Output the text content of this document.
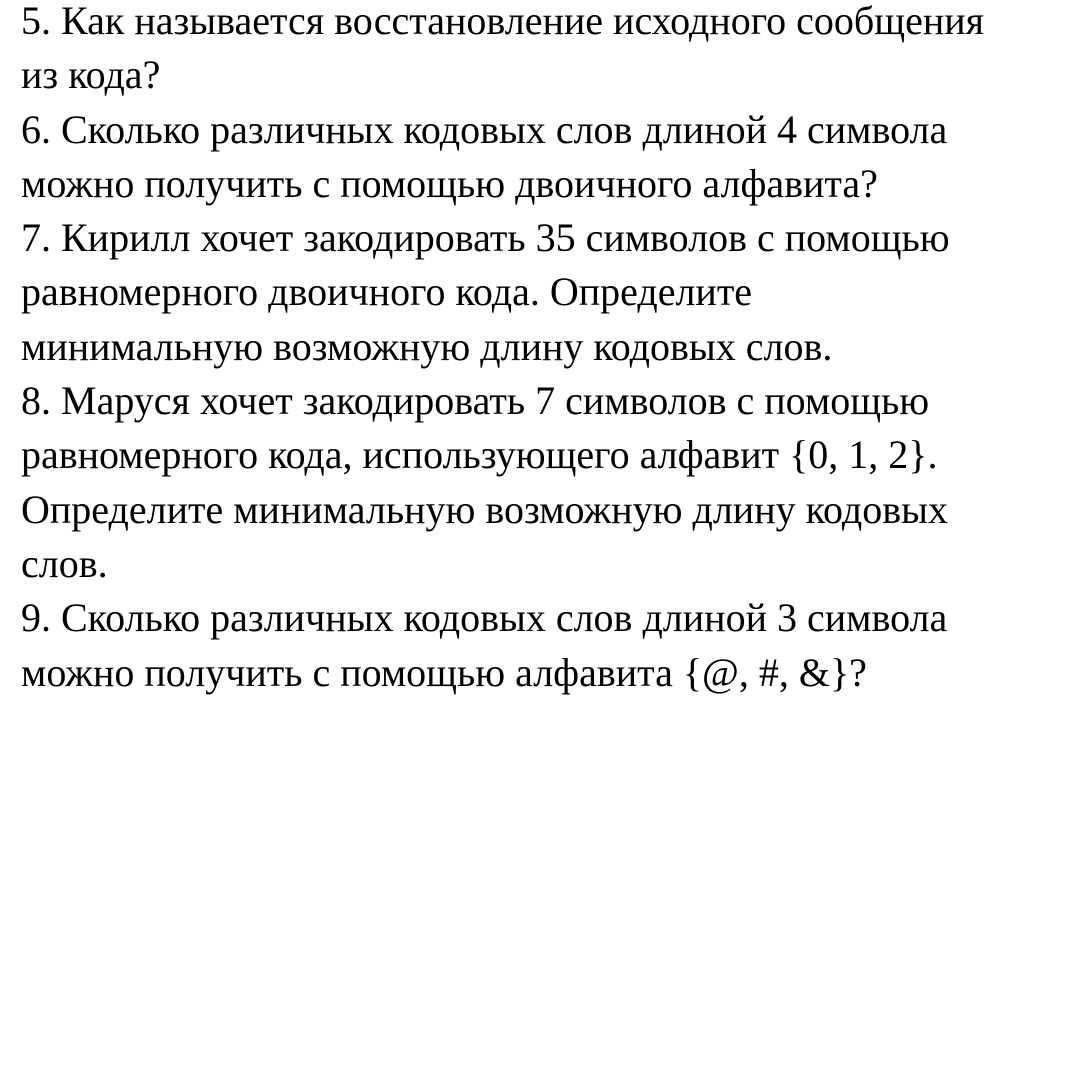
5. Как называется восстановление исходного сообщения
из кода?
6. Сколько различных кодовых слов длиной 4 символа
можно получить с помощью двоичного алфавита?
7. Кирилл хочет закодировать 35 символов с помощью
равномерного двоичного кода. Определите
минимальную возможную длину кодовых слов.
8. Маруся хочет закодировать 7 символов с помощью
равномерного кода, использующего алфавит {0, 1, 2}.
Определите минимальную возможную длину кодовых
слов.
9. Сколько различных кодовых слов длиной 3 символа
можно получить с помощью алфавита {@, #, &}?
